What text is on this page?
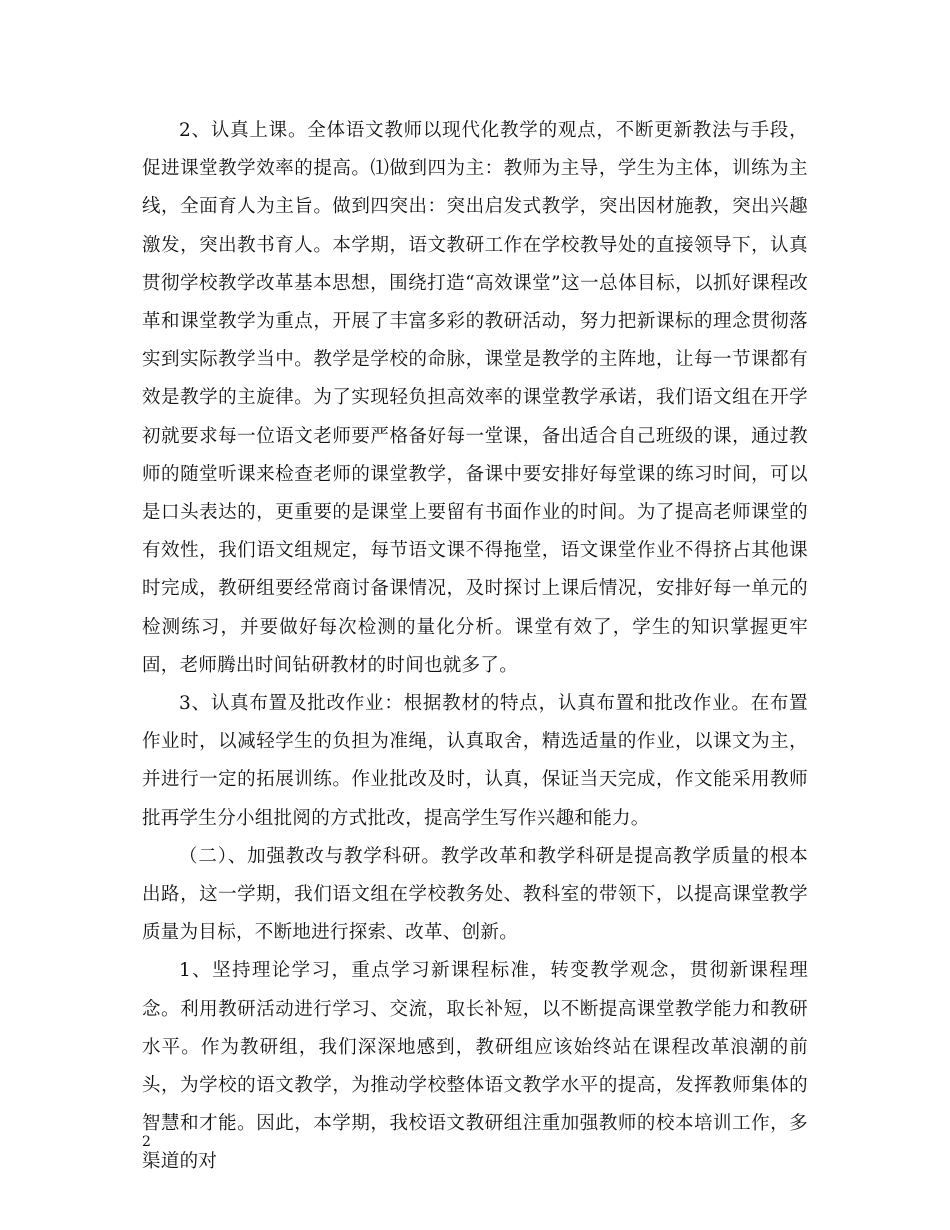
2、认真上课。全体语文教师以现代化教学的观点，不断更新教法与手段，促进课堂教学效率的提高。⑴做到四为主：教师为主导，学生为主体，训练为主线，全面育人为主旨。做到四突出：突出启发式教学，突出因材施教，突出兴趣激发，突出教书育人。本学期，语文教研工作在学校教导处的直接领导下，认真贯彻学校教学改革基本思想，围绕打造“高效课堂”这一总体目标，以抓好课程改革和课堂教学为重点，开展了丰富多彩的教研活动，努力把新课标的理念贯彻落实到实际教学当中。教学是学校的命脉，课堂是教学的主阵地，让每一节课都有效是教学的主旋律。为了实现轻负担高效率的课堂教学承诺，我们语文组在开学初就要求每一位语文老师要严格备好每一堂课，备出适合自己班级的课，通过教师的随堂听课来检查老师的课堂教学，备课中要安排好每堂课的练习时间，可以是口头表达的，更重要的是课堂上要留有书面作业的时间。为了提高老师课堂的有效性，我们语文组规定，每节语文课不得拖堂，语文课堂作业不得挤占其他课时完成，教研组要经常商讨备课情况，及时探讨上课后情况，安排好每一单元的检测练习，并要做好每次检测的量化分析。课堂有效了，学生的知识掌握更牢固，老师腾出时间钻研教材的时间也就多了。

3、认真布置及批改作业：根据教材的特点，认真布置和批改作业。在布置作业时，以减轻学生的负担为准绳，认真取舍，精选适量的作业，以课文为主，并进行一定的拓展训练。作业批改及时，认真，保证当天完成，作文能采用教师批再学生分小组批阅的方式批改，提高学生写作兴趣和能力。

（二）、加强教改与教学科研。教学改革和教学科研是提高教学质量的根本出路，这一学期，我们语文组在学校教务处、教科室的带领下，以提高课堂教学质量为目标，不断地进行探索、改革、创新。

1、坚持理论学习，重点学习新课程标准，转变教学观念，贯彻新课程理念。利用教研活动进行学习、交流，取长补短，以不断提高课堂教学能力和教研水平。作为教研组，我们深深地感到，教研组应该始终站在课程改革浪潮的前头，为学校的语文教学，为推动学校整体语文教学水平的提高，发挥教师集体的智慧和才能。因此，本学期，我校语文教研组注重加强教师的校本培训工作，多渠道的对

2
